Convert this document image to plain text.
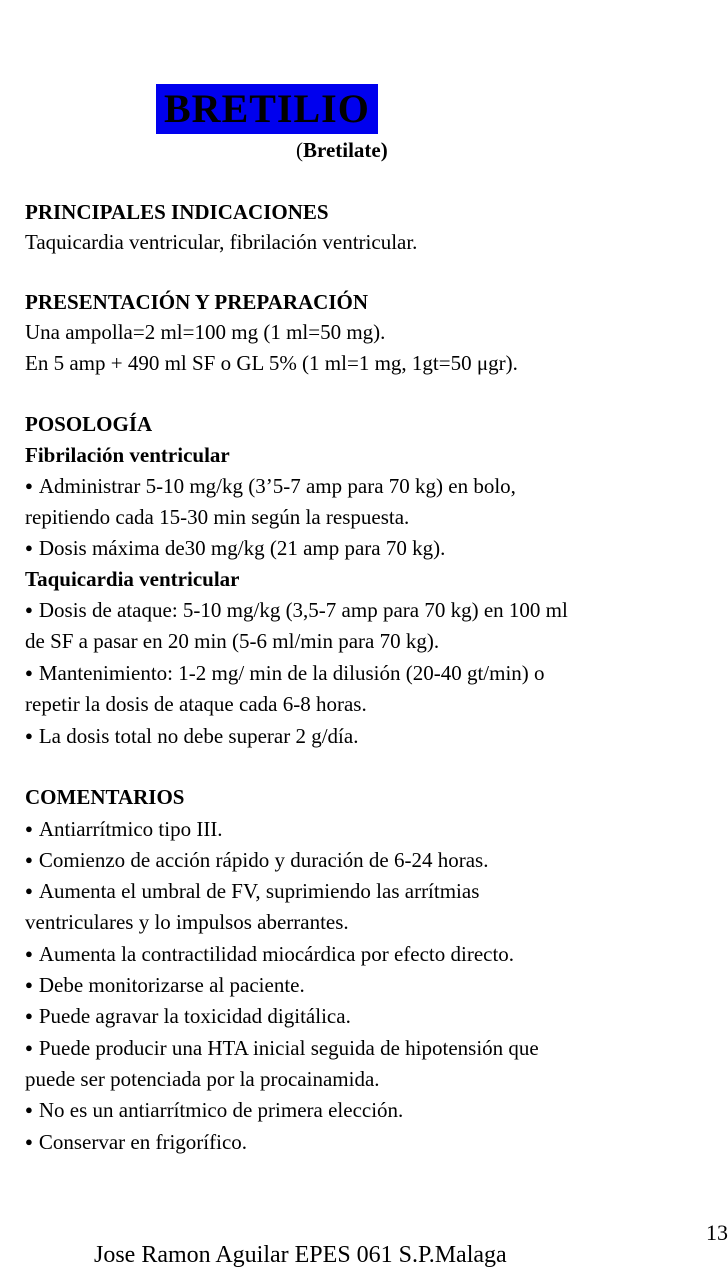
BRETILIO
(Bretilate)
PRINCIPALES INDICACIONES
Taquicardia ventricular, fibrilación ventricular.
PRESENTACIÓN Y PREPARACIÓN
Una ampolla=2 ml=100 mg (1 ml=50 mg).
En 5 amp + 490 ml SF o GL 5% (1 ml=1 mg, 1gt=50 μgr).
POSOLOGÍA
Fibrilación ventricular
● Administrar 5-10 mg/kg (3’5-7 amp para 70 kg) en bolo,
repitiendo cada 15-30 min según la respuesta.
● Dosis máxima de30 mg/kg (21 amp para 70 kg).
Taquicardia ventricular
● Dosis de ataque: 5-10 mg/kg (3,5-7 amp para 70 kg) en 100 ml
de SF a pasar en 20 min (5-6 ml/min para 70 kg).
● Mantenimiento: 1-2 mg/ min de la dilusión (20-40 gt/min) o
repetir la dosis de ataque cada 6-8 horas.
● La dosis total no debe superar 2 g/día.
COMENTARIOS
● Antiarrítmico tipo III.
● Comienzo de acción rápido y duración de 6-24 horas.
● Aumenta el umbral de FV, suprimiendo las arrítmias
ventriculares y lo impulsos aberrantes.
● Aumenta la contractilidad miocárdica por efecto directo.
● Debe monitorizarse al paciente.
● Puede agravar la toxicidad digitálica.
● Puede producir una HTA inicial seguida de hipotensión que
puede ser potenciada por la procainamida.
● No es un antiarrítmico de primera elección.
● Conservar en frigorífico.
13
Jose Ramon Aguilar EPES 061 S.P.Malaga
